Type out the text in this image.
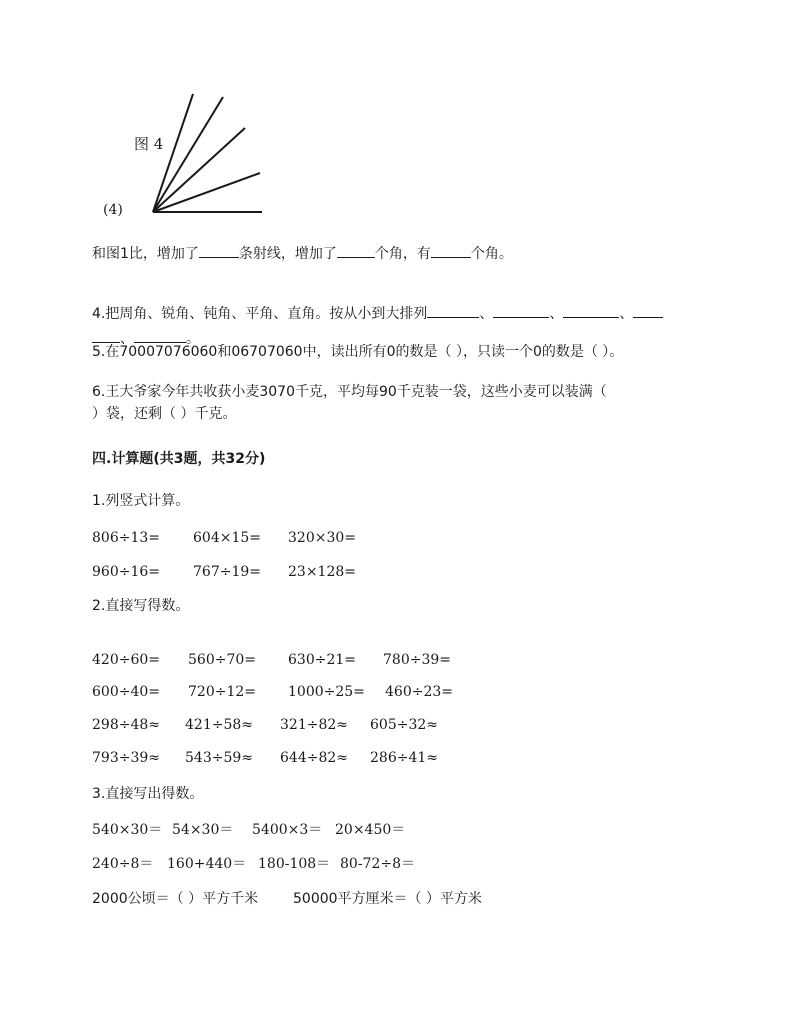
图 4
(4)
和图1比，增加了	条射线，增加了	个角，有	个角。
4.把周角、锐角、钝角、平角、直角。按从小到大排列	、	、	、
、	。
5.在70007076060和06707060中，读出所有0的数是（ ），只读一个0的数是（ ）。
6.王大爷家今年共收获小麦3070千克，平均每90千克装一袋，这些小麦可以装满（
）袋，还剩（ ）千克。
四.计算题(共3题，共32分)
1.列竖式计算。
806÷13= 604×15= 320×30=
960÷16= 767÷19= 23×128=
2.直接写得数。
420÷60= 560÷70= 630÷21= 780÷39=
600÷40= 720÷12= 1000÷25= 460÷23=
298÷48≈ 421÷58≈ 321÷82≈ 605÷32≈
793÷39≈ 543÷59≈ 644÷82≈ 286÷41≈
3.直接写出得数。
540×30＝ 54×30＝ 5400×3＝ 20×450＝
240÷8＝ 160+440＝ 180-108＝ 80-72÷8＝
2000公顷＝（ ）平方千米 50000平方厘米＝（ ）平方米
